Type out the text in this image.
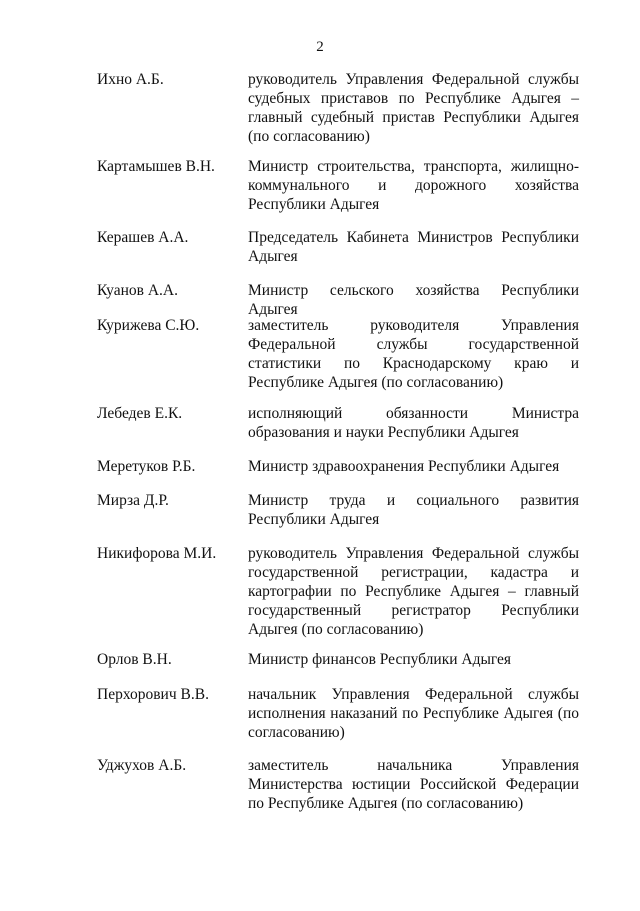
2
Ихно А.Б.	руководитель Управления Федеральной службы судебных приставов по Республике Адыгея – главный судебный пристав Республики Адыгея (по согласованию)
Картамышев В.Н.	Министр строительства, транспорта, жилищно-коммунального и дорожного хозяйства Республики Адыгея
Керашев А.А.	Председатель Кабинета Министров Республики Адыгея
Куанов А.А.	Министр сельского хозяйства Республики Адыгея
Курижева С.Ю.	заместитель руководителя Управления Федеральной службы государственной статистики по Краснодарскому краю и Республике Адыгея (по согласованию)
Лебедев Е.К.	исполняющий обязанности Министра образования и науки Республики Адыгея
Меретуков Р.Б.	Министр здравоохранения Республики Адыгея
Мирза Д.Р.	Министр труда и социального развития Республики Адыгея
Никифорова М.И.	руководитель Управления Федеральной службы государственной регистрации, кадастра и картографии по Республике Адыгея – главный государственный регистратор Республики Адыгея (по согласованию)
Орлов В.Н.	Министр финансов Республики Адыгея
Перхорович В.В.	начальник Управления Федеральной службы исполнения наказаний по Республике Адыгея (по согласованию)
Уджухов А.Б.	заместитель начальника Управления Министерства юстиции Российской Федерации по Республике Адыгея (по согласованию)
